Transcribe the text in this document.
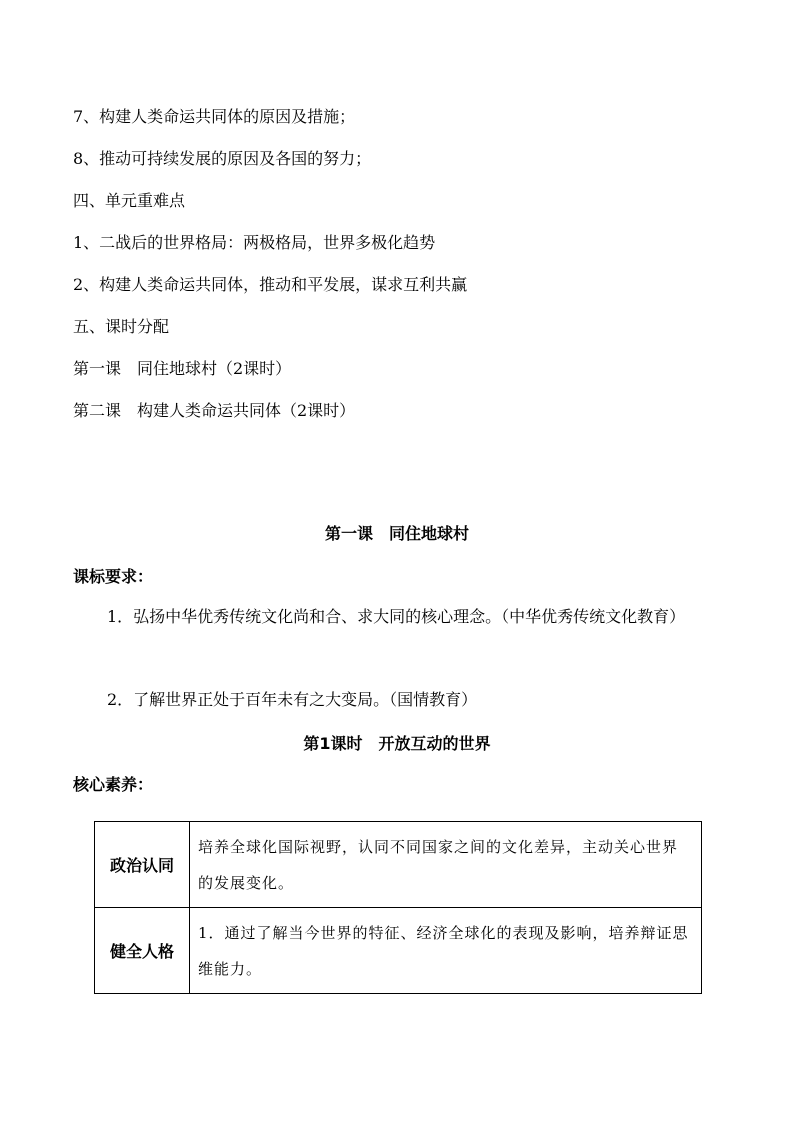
7、构建人类命运共同体的原因及措施；
8、推动可持续发展的原因及各国的努力；
四、单元重难点
1、二战后的世界格局：两极格局，世界多极化趋势
2、构建人类命运共同体，推动和平发展，谋求互利共赢
五、课时分配
第一课　同住地球村（2课时）
第二课　构建人类命运共同体（2课时）
第一课　同住地球村
课标要求：
1．弘扬中华优秀传统文化尚和合、求大同的核心理念。（中华优秀传统文化教育）
2．了解世界正处于百年未有之大变局。（国情教育）
第1课时　开放互动的世界
核心素养：
政治认同	培养全球化国际视野，认同不同国家之间的文化差异，主动关心世界的发展变化。
健全人格	1．通过了解当今世界的特征、经济全球化的表现及影响，培养辩证思维能力。
